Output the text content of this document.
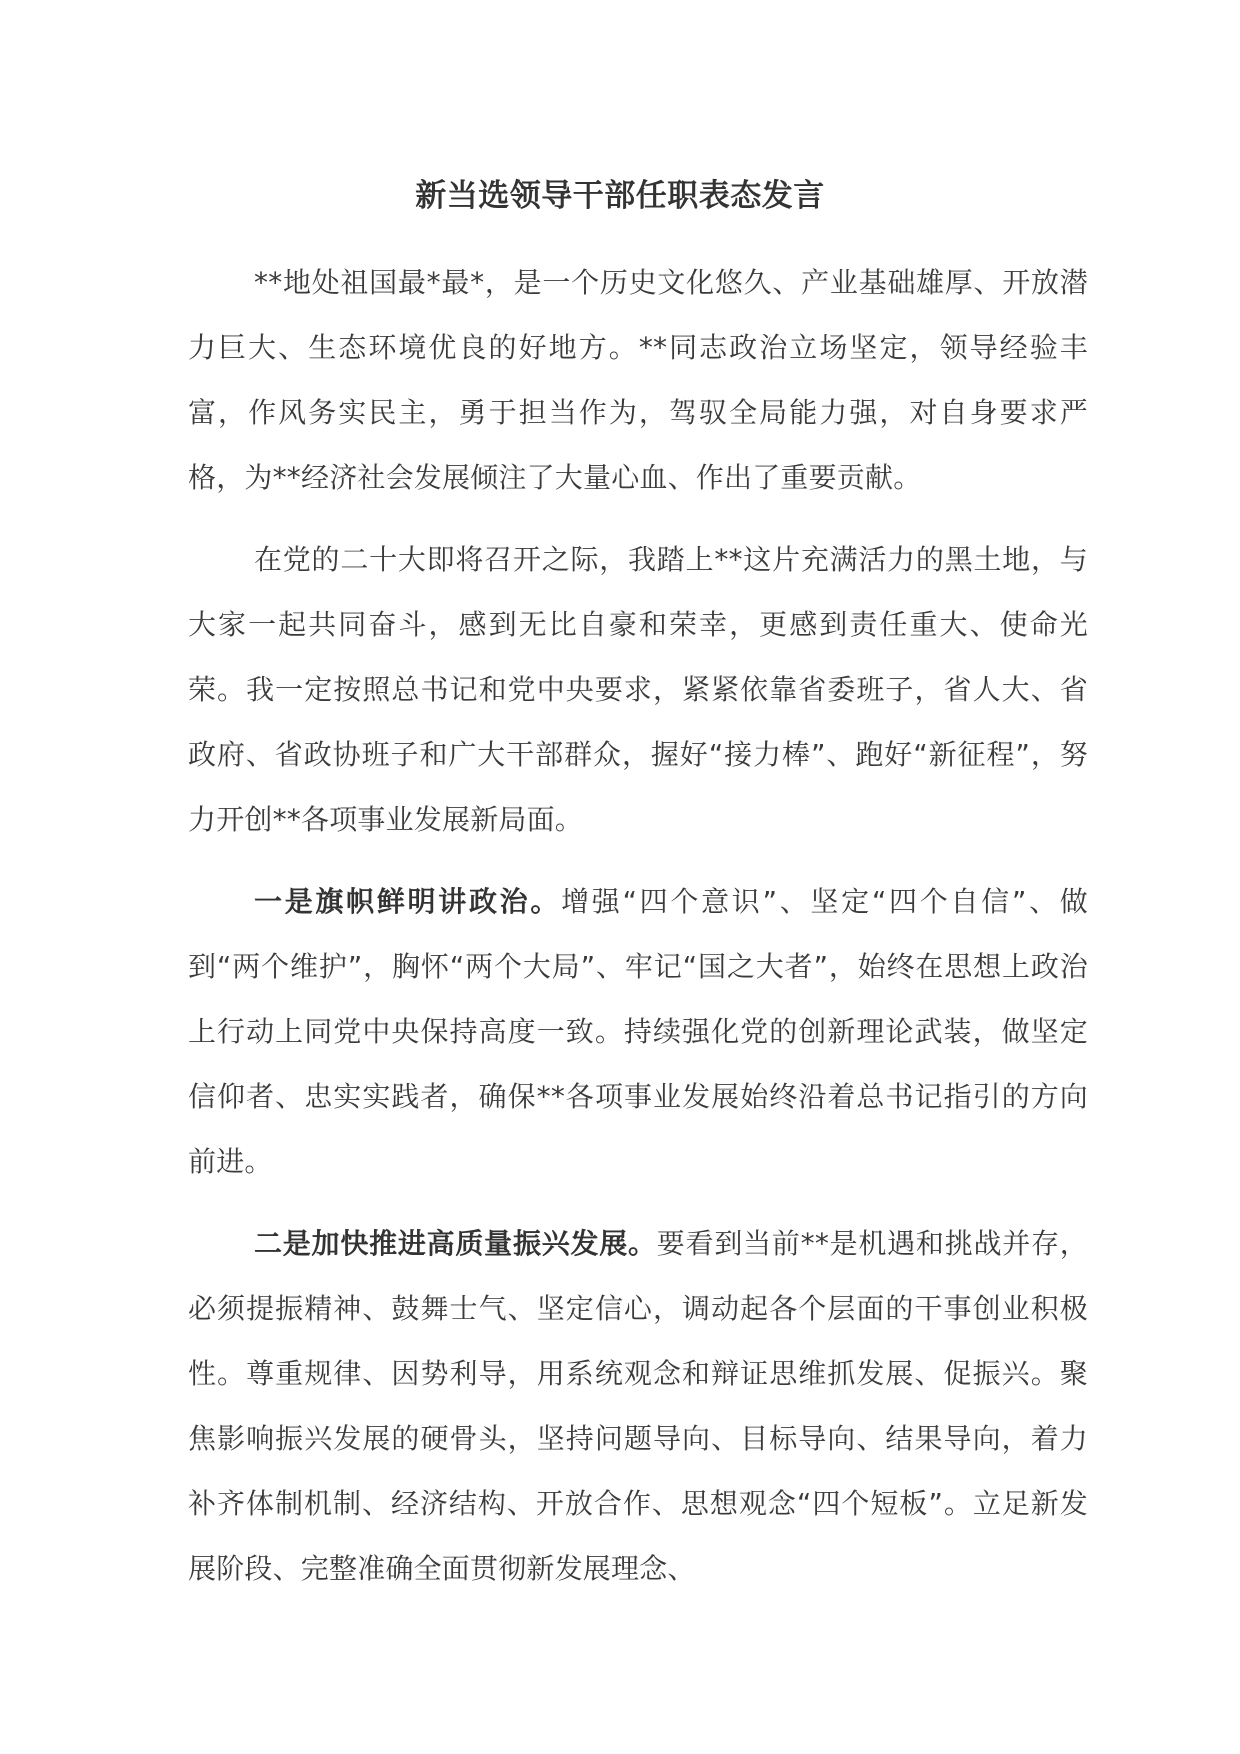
新当选领导干部任职表态发言

**地处祖国最*最*，是一个历史文化悠久、产业基础雄厚、开放潜力巨大、生态环境优良的好地方。**同志政治立场坚定，领导经验丰富，作风务实民主，勇于担当作为，驾驭全局能力强，对自身要求严格，为**经济社会发展倾注了大量心血、作出了重要贡献。

在党的二十大即将召开之际，我踏上**这片充满活力的黑土地，与大家一起共同奋斗，感到无比自豪和荣幸，更感到责任重大、使命光荣。我一定按照总书记和党中央要求，紧紧依靠省委班子，省人大、省政府、省政协班子和广大干部群众，握好“接力棒”、跑好“新征程”，努力开创**各项事业发展新局面。

一是旗帜鲜明讲政治。增强“四个意识”、坚定“四个自信”、做到“两个维护”，胸怀“两个大局”、牢记“国之大者”，始终在思想上政治上行动上同党中央保持高度一致。持续强化党的创新理论武装，做坚定信仰者、忠实实践者，确保**各项事业发展始终沿着总书记指引的方向前进。

二是加快推进高质量振兴发展。要看到当前**是机遇和挑战并存，必须提振精神、鼓舞士气、坚定信心，调动起各个层面的干事创业积极性。尊重规律、因势利导，用系统观念和辩证思维抓发展、促振兴。聚焦影响振兴发展的硬骨头，坚持问题导向、目标导向、结果导向，着力补齐体制机制、经济结构、开放合作、思想观念“四个短板”。立足新发展阶段、完整准确全面贯彻新发展理念、
